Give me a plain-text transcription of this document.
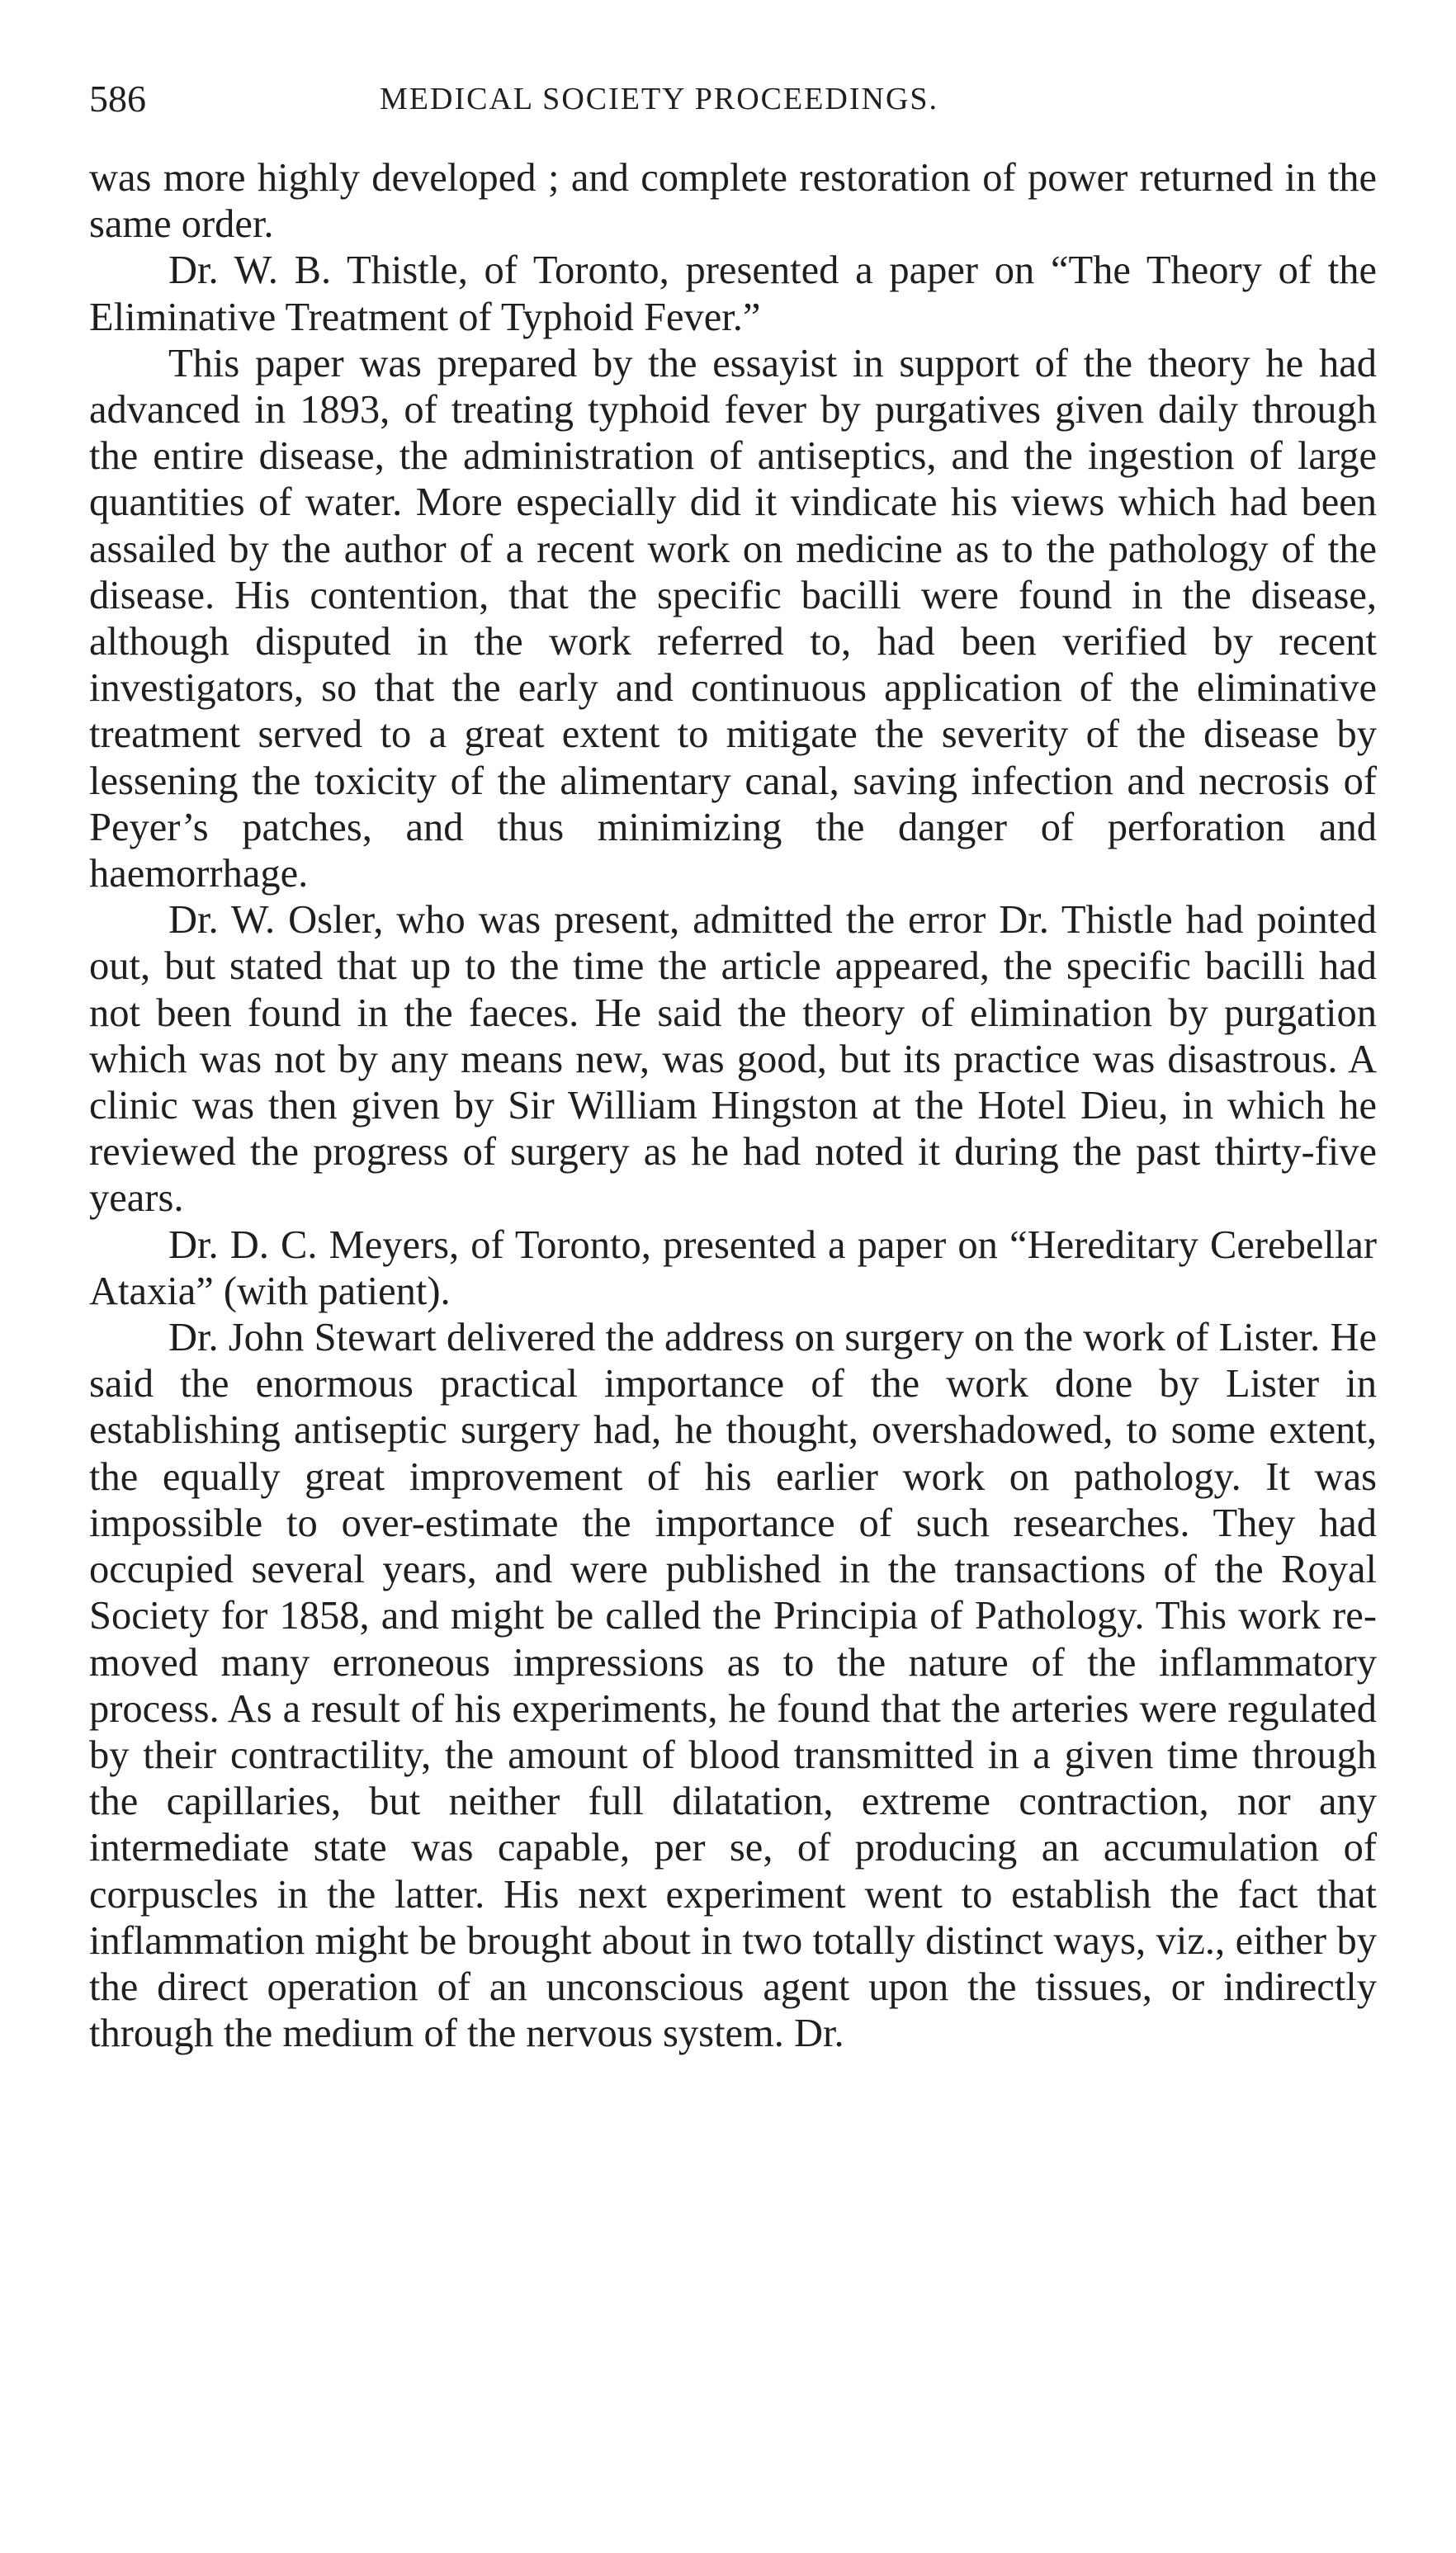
586	MEDICAL SOCIETY PROCEEDINGS.

was more highly developed ; and complete restoration of power returned in the same order.

Dr. W. B. Thistle, of Toronto, presented a paper on “The Theory of the Eliminative Treatment of Typhoid Fever.”

This paper was prepared by the essayist in support of the theory he had advanced in 1893, of treating typhoid fever by purgatives given daily through the entire disease, the administration of antiseptics, and the ingestion of large quantities of water. More especially did it vindicate his views which had been assailed by the author of a recent work on medicine as to the pathology of the disease. His contention, that the specific bacilli were found in the disease, although disputed in the work referred to, had been verified by recent investigators, so that the early and continuous application of the eliminative treatment served to a great extent to mitigate the severity of the disease by lessening the toxicity of the alimentary canal, saving infection and necrosis of Peyer’s patches, and thus minimizing the danger of perforation and haemorrhage.

Dr. W. Osler, who was present, admitted the error Dr. Thistle had pointed out, but stated that up to the time the article appeared, the specific bacilli had not been found in the faeces. He said the theory of elimination by purgation which was not by any means new, was good, but its practice was disastrous. A clinic was then given by Sir William Hingston at the Hotel Dieu, in which he reviewed the progress of surgery as he had noted it during the past thirty-five years.

Dr. D. C. Meyers, of Toronto, presented a paper on “Hereditary Cerebellar Ataxia” (with patient).

Dr. John Stewart delivered the address on surgery on the work of Lister. He said the enormous practical importance of the work done by Lister in establishing antiseptic surgery had, he thought, overshadowed, to some extent, the equally great improvement of his earlier work on pathology. It was impossible to over-estimate the importance of such researches. They had occupied several years, and were published in the transactions of the Royal Society for 1858, and might be called the Principia of Pathology. This work removed many erroneous impressions as to the nature of the inflammatory process. As a result of his experiments, he found that the arteries were regulated by their contractility, the amount of blood transmitted in a given time through the capillaries, but neither full dilatation, extreme contraction, nor any intermediate state was capable, per se, of producing an accumulation of corpuscles in the latter. His next experiment went to establish the fact that inflammation might be brought about in two totally distinct ways, viz., either by the direct operation of an unconscious agent upon the tissues, or indirectly through the medium of the nervous system. Dr.
